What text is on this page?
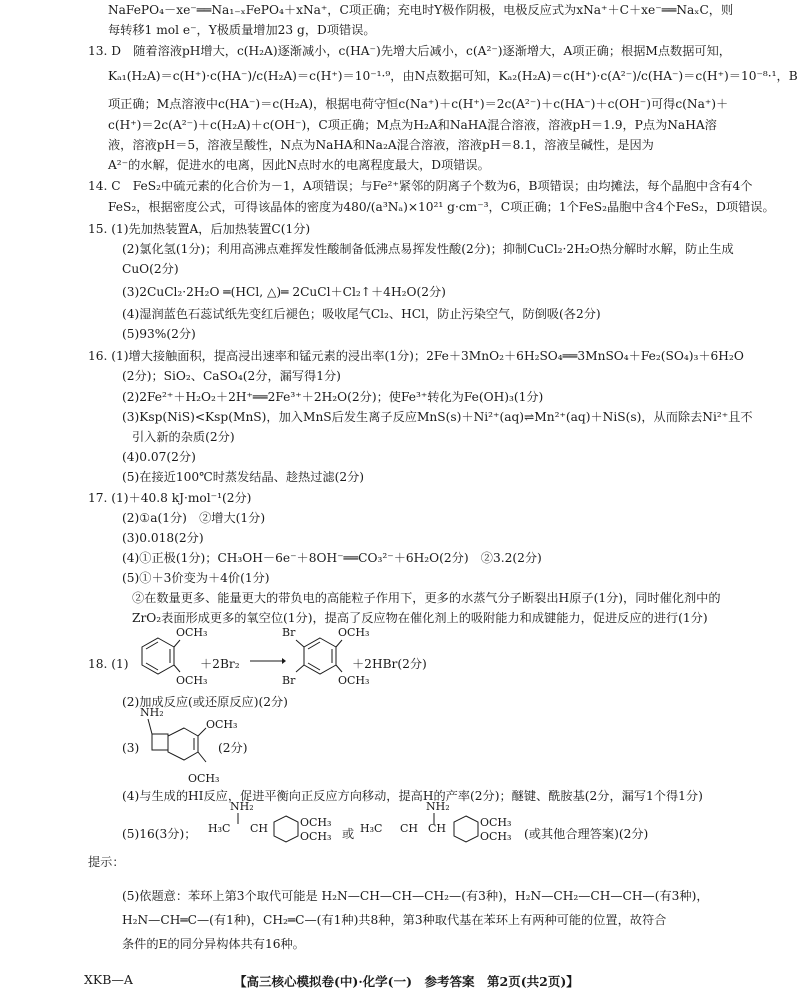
NaFePO₄－xe⁻══Na₁₋ₓFePO₄＋xNa⁺，C项正确；充电时Y极作阴极，电极反应式为xNa⁺＋C＋xe⁻══NaₓC，则
每转移1 mol e⁻，Y极质量增加23 g，D项错误。
13. D　随着溶液pH增大，c(H₂A)逐渐减小，c(HA⁻)先增大后减小，c(A²⁻)逐渐增大，A项正确；根据M点数据可知，
Kₐ₁(H₂A)＝c(H⁺)·c(HA⁻)/c(H₂A)＝c(H⁺)＝10⁻¹·⁹，由N点数据可知，Kₐ₂(H₂A)＝c(H⁺)·c(A²⁻)/c(HA⁻)＝c(H⁺)＝10⁻⁸·¹，B
项正确；M点溶液中c(HA⁻)＝c(H₂A)，根据电荷守恒c(Na⁺)＋c(H⁺)＝2c(A²⁻)＋c(HA⁻)＋c(OH⁻)可得c(Na⁺)＋
c(H⁺)＝2c(A²⁻)＋c(H₂A)＋c(OH⁻)，C项正确；M点为H₂A和NaHA混合溶液，溶液pH＝1.9，P点为NaHA溶
液，溶液pH＝5，溶液呈酸性，N点为NaHA和Na₂A混合溶液，溶液pH＝8.1，溶液呈碱性，是因为
A²⁻的水解，促进水的电离，因此N点时水的电离程度最大，D项错误。
14. C　FeS₂中硫元素的化合价为－1，A项错误；与Fe²⁺紧邻的阴离子个数为6，B项错误；由均摊法，每个晶胞中含有4个
FeS₂，根据密度公式，可得该晶体的密度为480/(a³Nₐ)×10²¹ g·cm⁻³，C项正确；1个FeS₂晶胞中含4个FeS₂，D项错误。
15. (1)先加热装置A，后加热装置C(1分)
(2)氯化氢(1分)；利用高沸点难挥发性酸制备低沸点易挥发性酸(2分)；抑制CuCl₂·2H₂O热分解时水解，防止生成
CuO(2分)
(3)2CuCl₂·2H₂O ═(HCl, △)═ 2CuCl＋Cl₂↑＋4H₂O(2分)
(4)湿润蓝色石蕊试纸先变红后褪色；吸收尾气Cl₂、HCl，防止污染空气，防倒吸(各2分)
(5)93%(2分)
16. (1)增大接触面积，提高浸出速率和锰元素的浸出率(1分)；2Fe＋3MnO₂＋6H₂SO₄══3MnSO₄＋Fe₂(SO₄)₃＋6H₂O
(2分)；SiO₂、CaSO₄(2分，漏写得1分)
(2)2Fe²⁺＋H₂O₂＋2H⁺══2Fe³⁺＋2H₂O(2分)；使Fe³⁺转化为Fe(OH)₃(1分)
(3)Ksp(NiS)<Ksp(MnS)，加入MnS后发生离子反应MnS(s)＋Ni²⁺(aq)⇌Mn²⁺(aq)＋NiS(s)，从而除去Ni²⁺且不
引入新的杂质(2分)
(4)0.07(2分)
(5)在接近100℃时蒸发结晶、趁热过滤(2分)
17. (1)＋40.8 kJ·mol⁻¹(2分)
(2)①a(1分)　②增大(1分)
(3)0.018(2分)
(4)①正极(1分)；CH₃OH－6e⁻＋8OH⁻══CO₃²⁻＋6H₂O(2分)　②3.2(2分)
(5)①＋3价变为＋4价(1分)
②在数量更多、能量更大的带负电的高能粒子作用下，更多的水蒸气分子断裂出H原子(1分)，同时催化剂中的
ZrO₂表面形成更多的氧空位(1分)，提高了反应物在催化剂上的吸附能力和成键能力，促进反应的进行(1分)
18. (1)
OCH₃
OCH₃
＋2Br₂ →
Br
Br
OCH₃
OCH₃
＋2HBr(2分)
(2)加成反应(或还原反应)(2分)
(3)
NH₂
OCH₃
OCH₃
(2分)
(4)与生成的HI反应，促进平衡向正反应方向移动，提高H的产率(2分)；醚键、酰胺基(2分，漏写1个得1分)
(5)16(3分)；
NH₂
H₃C CH	OCH₃
OCH₃ 或
NH₂
H₃C CH CH	OCH₃
OCH₃ (或其他合理答案)(2分)
提示：
(5)依题意：苯环上第3个取代可能是 H₂N—CH—CH—CH₂—(有3种)，H₂N—CH₂—CH—CH—(有3种)，
H₂N—CH═C—(有1种)，CH₂═C—(有1种)共8种，第3种取代基在苯环上有两种可能的位置，故符合
条件的E的同分异构体共有16种。
XKB—A	【高三核心模拟卷(中)·化学(一)　参考答案　第2页(共2页)】
